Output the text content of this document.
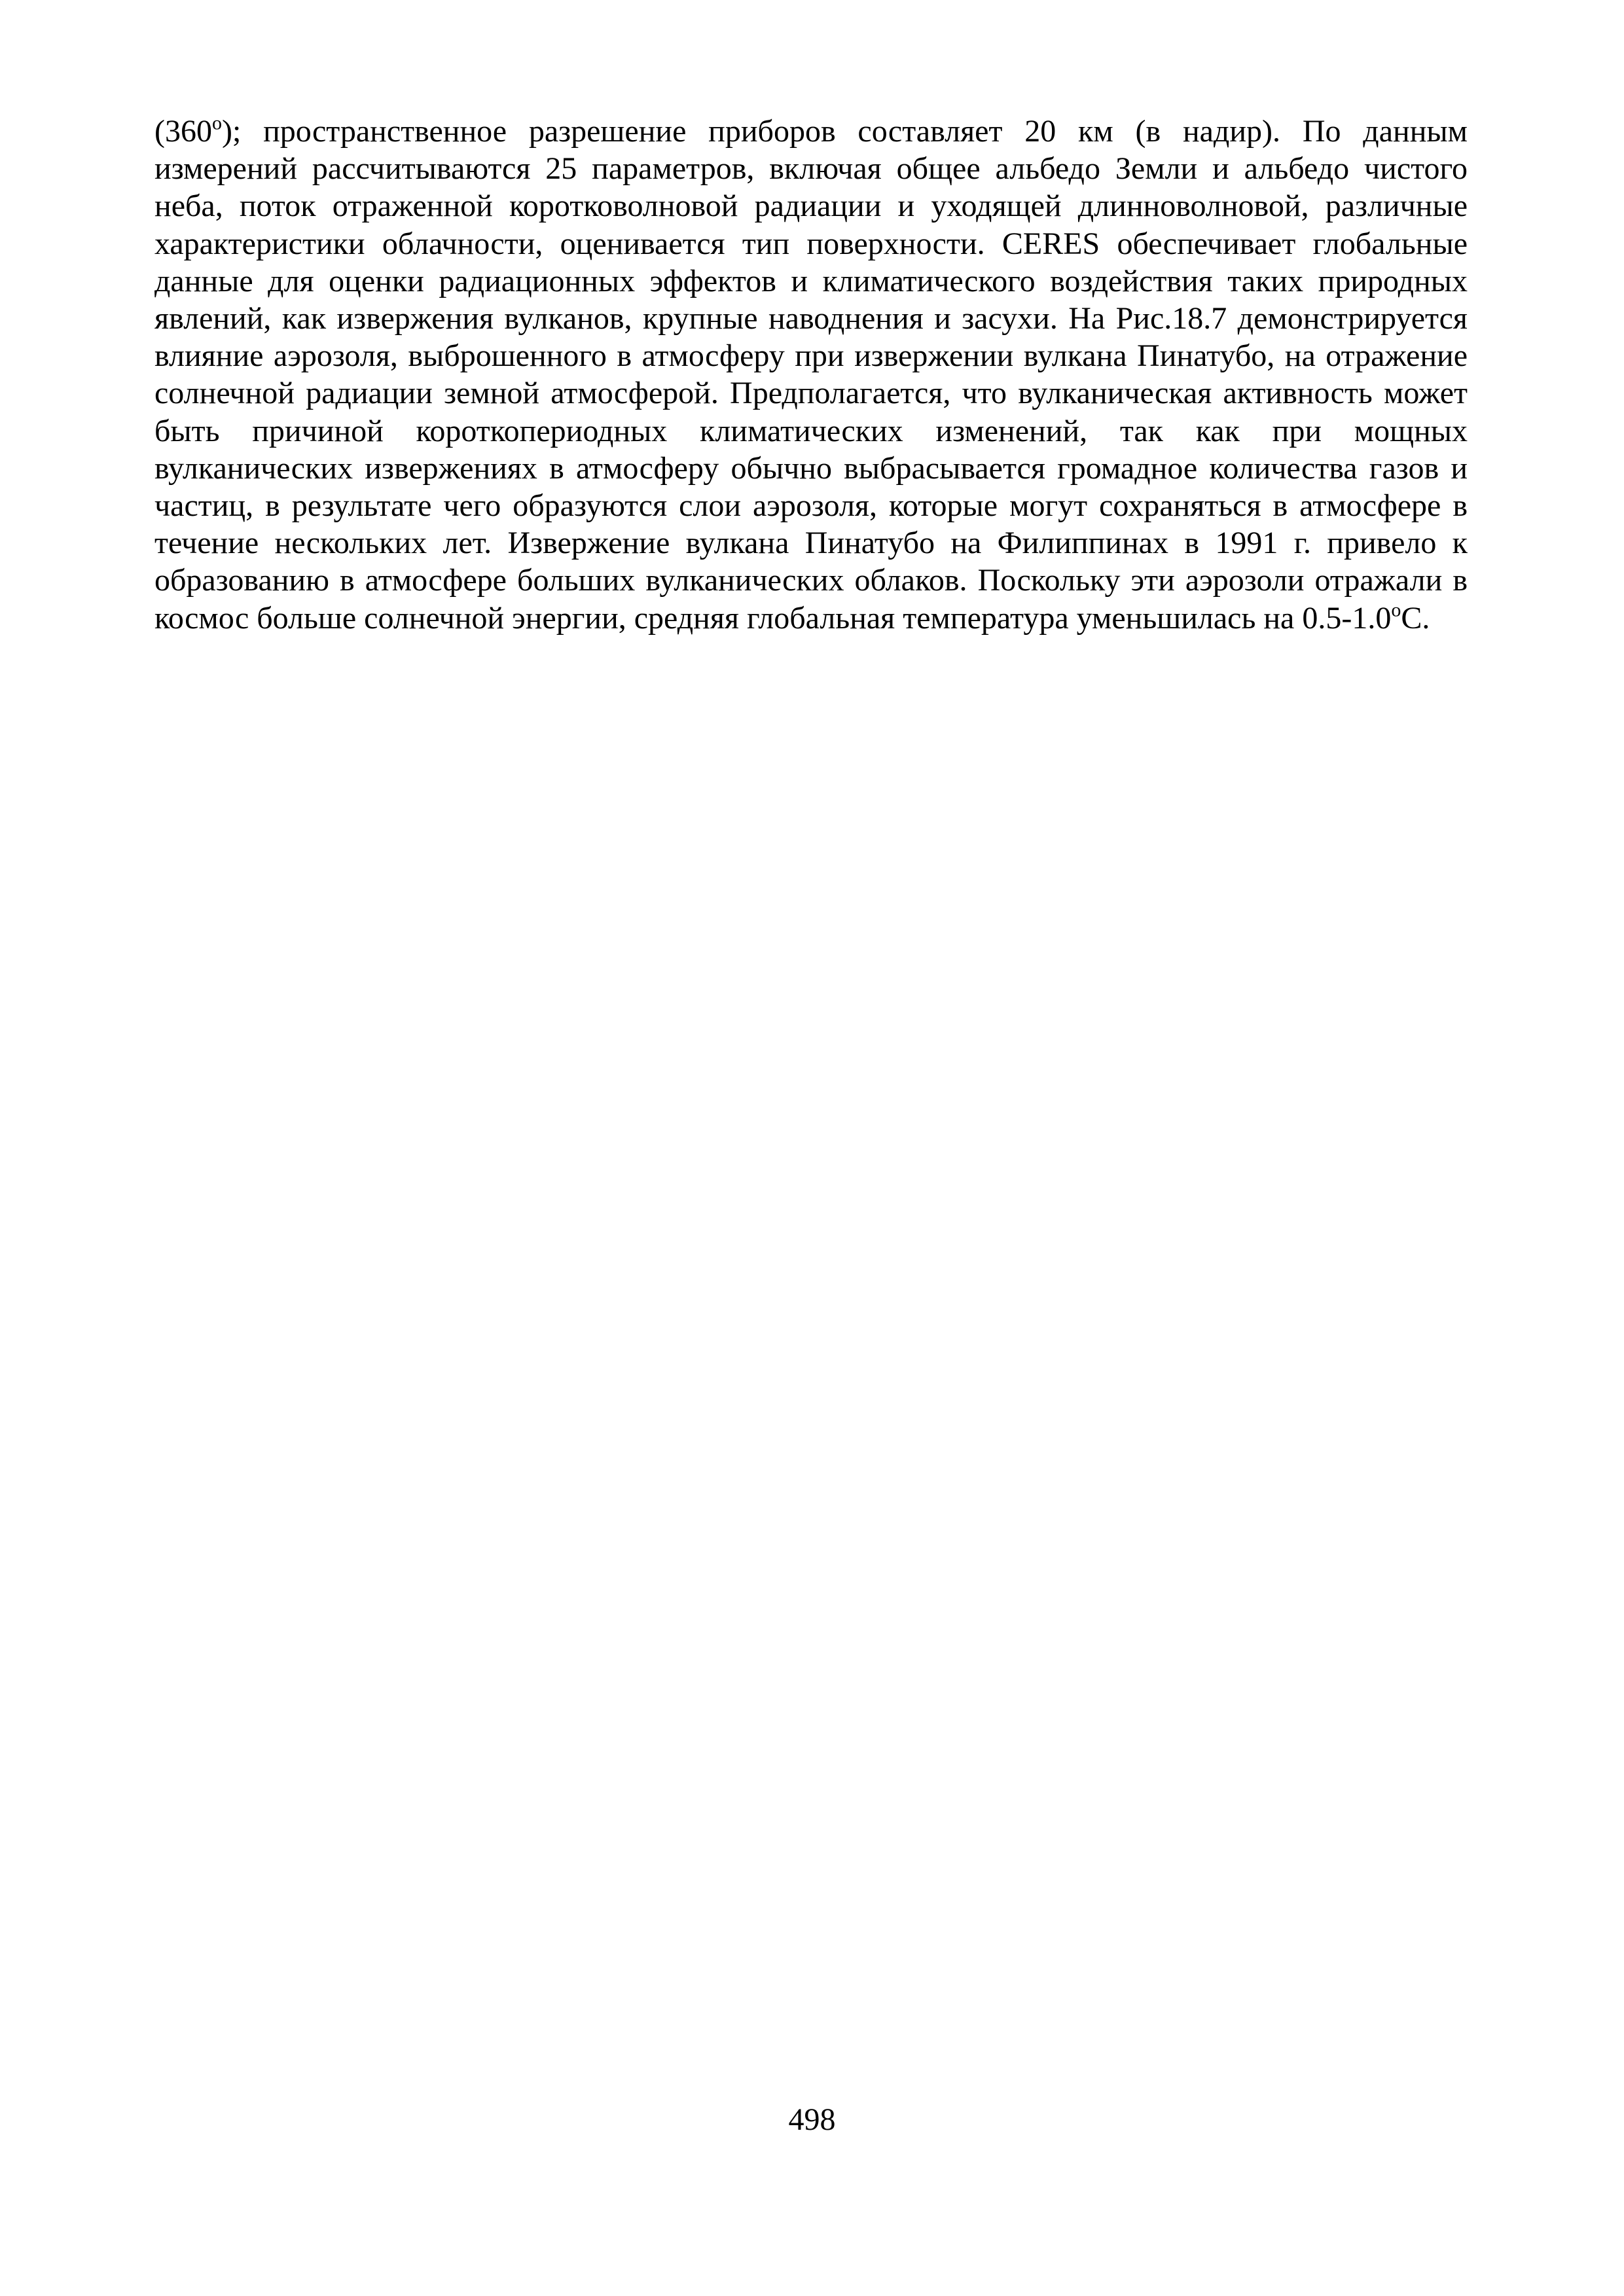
(360$^o$); пространственное разрешение приборов составляет 20 км (в надир). По данным измерений рассчитываются 25 параметров, включая общее альбедо Земли и альбедо чистого неба, поток отраженной коротковолновой радиации и уходящей длинноволновой, различные характеристики облачности, оценивается тип поверхности. CERES обеспечивает глобальные данные для оценки радиационных эффектов и климатического воздействия таких природных явлений, как извержения вулканов, крупные наводнения и засухи. На Рис.18.7 демонстрируется влияние аэрозоля, выброшенного в атмосферу при извержении вулкана Пинатубо, на отражение солнечной радиации земной атмосферой. Предполагается, что вулканическая активность может быть причиной короткопериодных климатических изменений, так как при мощных вулканических извержениях в атмосферу обычно выбрасывается громадное количества газов и частиц, в результате чего образуются слои аэрозоля, которые могут сохраняться в атмосфере в течение нескольких лет. Извержение вулкана Пинатубо на Филиппинах в 1991 г. привело к образованию в атмосфере больших вулканических облаков. Поскольку эти аэрозоли отражали в космос больше солнечной энергии, средняя глобальная температура уменьшилась на 0.5-1.0$^o$C.

498
